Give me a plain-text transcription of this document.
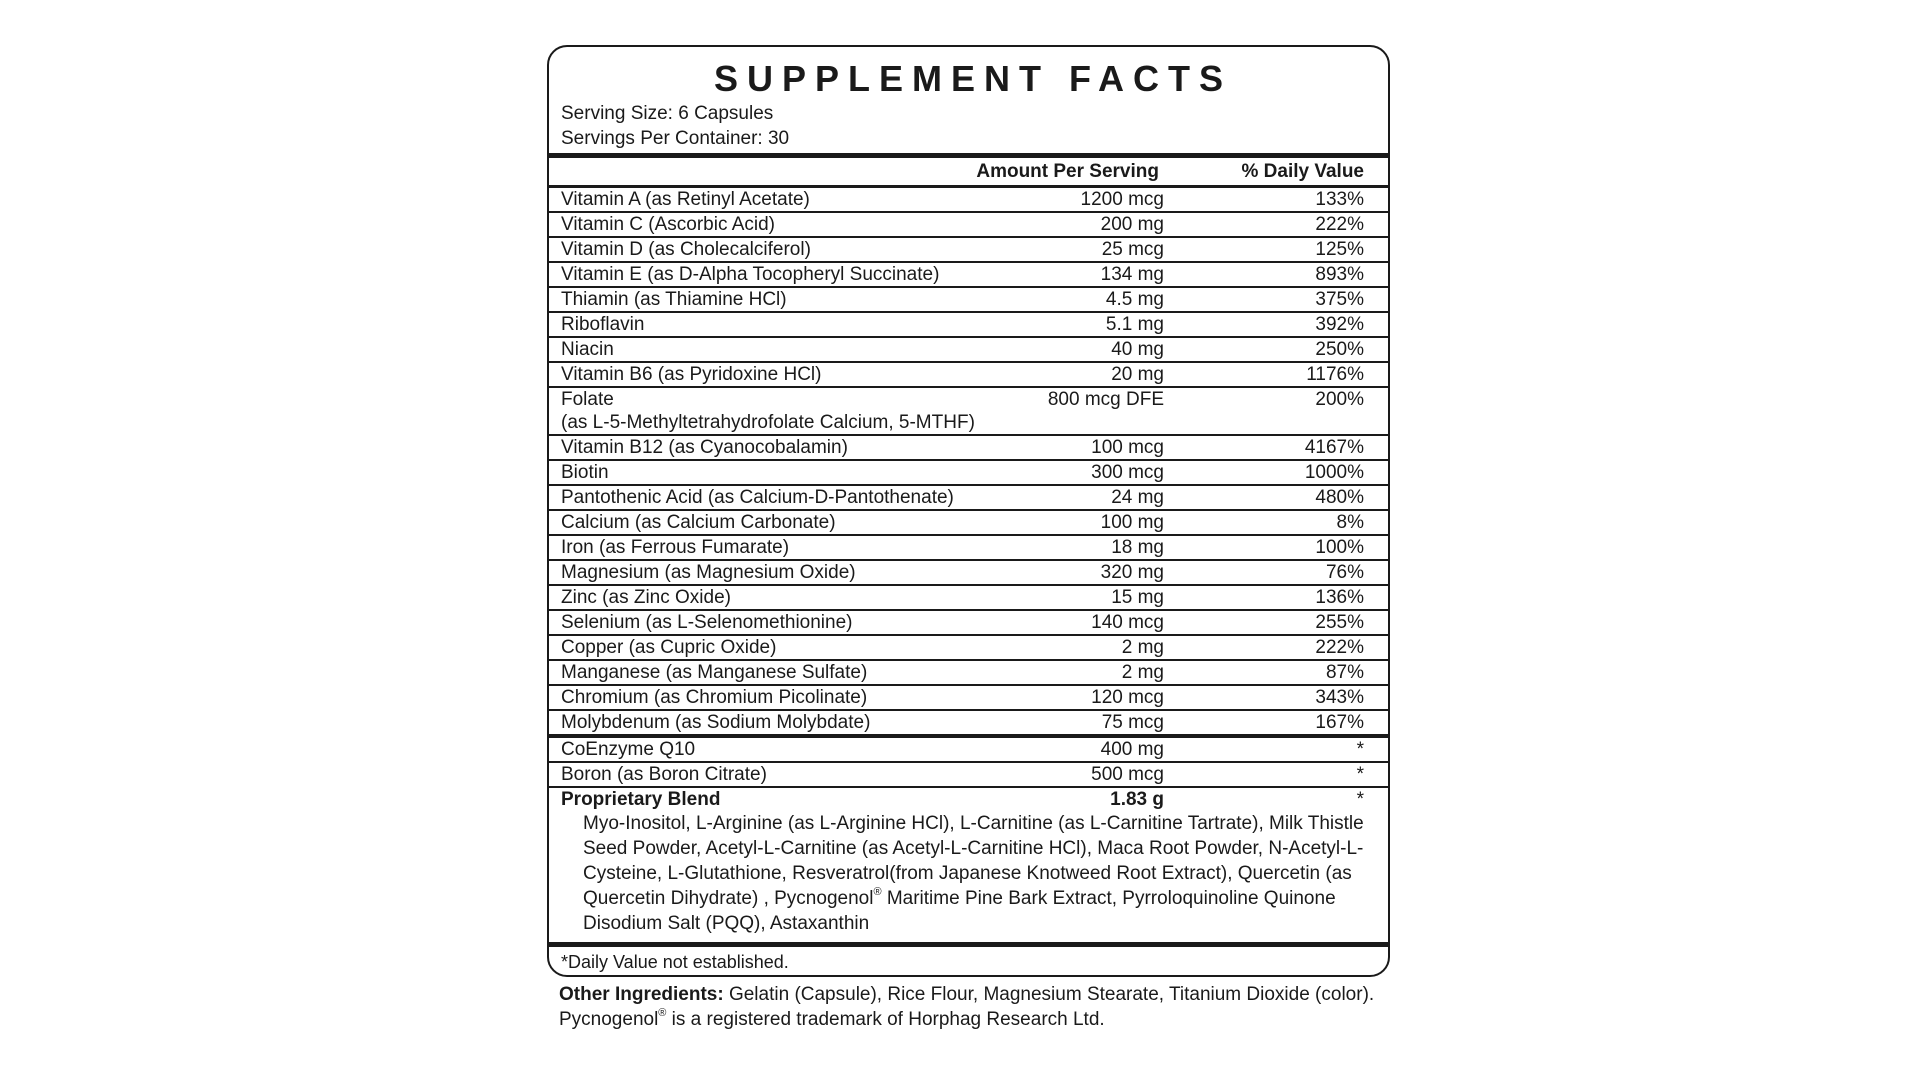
SUPPLEMENT FACTS
Serving Size: 6 Capsules
Servings Per Container: 30
Amount Per Serving	% Daily Value
Vitamin A (as Retinyl Acetate)	1200 mcg	133%
Vitamin C (Ascorbic Acid)	200 mg	222%
Vitamin D (as Cholecalciferol)	25 mcg	125%
Vitamin E (as D-Alpha Tocopheryl Succinate)	134 mg	893%
Thiamin (as Thiamine HCl)	4.5 mg	375%
Riboflavin	5.1 mg	392%
Niacin	40 mg	250%
Vitamin B6 (as Pyridoxine HCl)	20 mg	1176%
Folate
(as L-5-Methyltetrahydrofolate Calcium, 5-MTHF)
800 mcg DFE	200%
Vitamin B12 (as Cyanocobalamin)	100 mcg	4167%
Biotin	300 mcg	1000%
Pantothenic Acid (as Calcium-D-Pantothenate)	24 mg	480%
Calcium (as Calcium Carbonate)	100 mg	8%
Iron (as Ferrous Fumarate)	18 mg	100%
Magnesium (as Magnesium Oxide)	320 mg	76%
Zinc (as Zinc Oxide)	15 mg	136%
Selenium (as L-Selenomethionine)	140 mcg	255%
Copper (as Cupric Oxide)	2 mg	222%
Manganese (as Manganese Sulfate)	2 mg	87%
Chromium (as Chromium Picolinate)	120 mcg	343%
Molybdenum (as Sodium Molybdate)	75 mcg	167%
CoEnzyme Q10	400 mg	*
Boron (as Boron Citrate)	500 mcg	*
Proprietary Blend	1.83 g	*
Myo-Inositol, L-Arginine (as L-Arginine HCl), L-Carnitine (as L-Carnitine Tartrate), Milk Thistle Seed Powder, Acetyl-L-Carnitine (as Acetyl-L-Carnitine HCl), Maca Root Powder, N-Acetyl-L-Cysteine, L-Glutathione, Resveratrol(from Japanese Knotweed Root Extract), Quercetin (as Quercetin Dihydrate) , Pycnogenol® Maritime Pine Bark Extract, Pyrroloquinoline Quinone Disodium Salt (PQQ), Astaxanthin
*Daily Value not established.
Other Ingredients: Gelatin (Capsule), Rice Flour, Magnesium Stearate, Titanium Dioxide (color).
Pycnogenol® is a registered trademark of Horphag Research Ltd.
